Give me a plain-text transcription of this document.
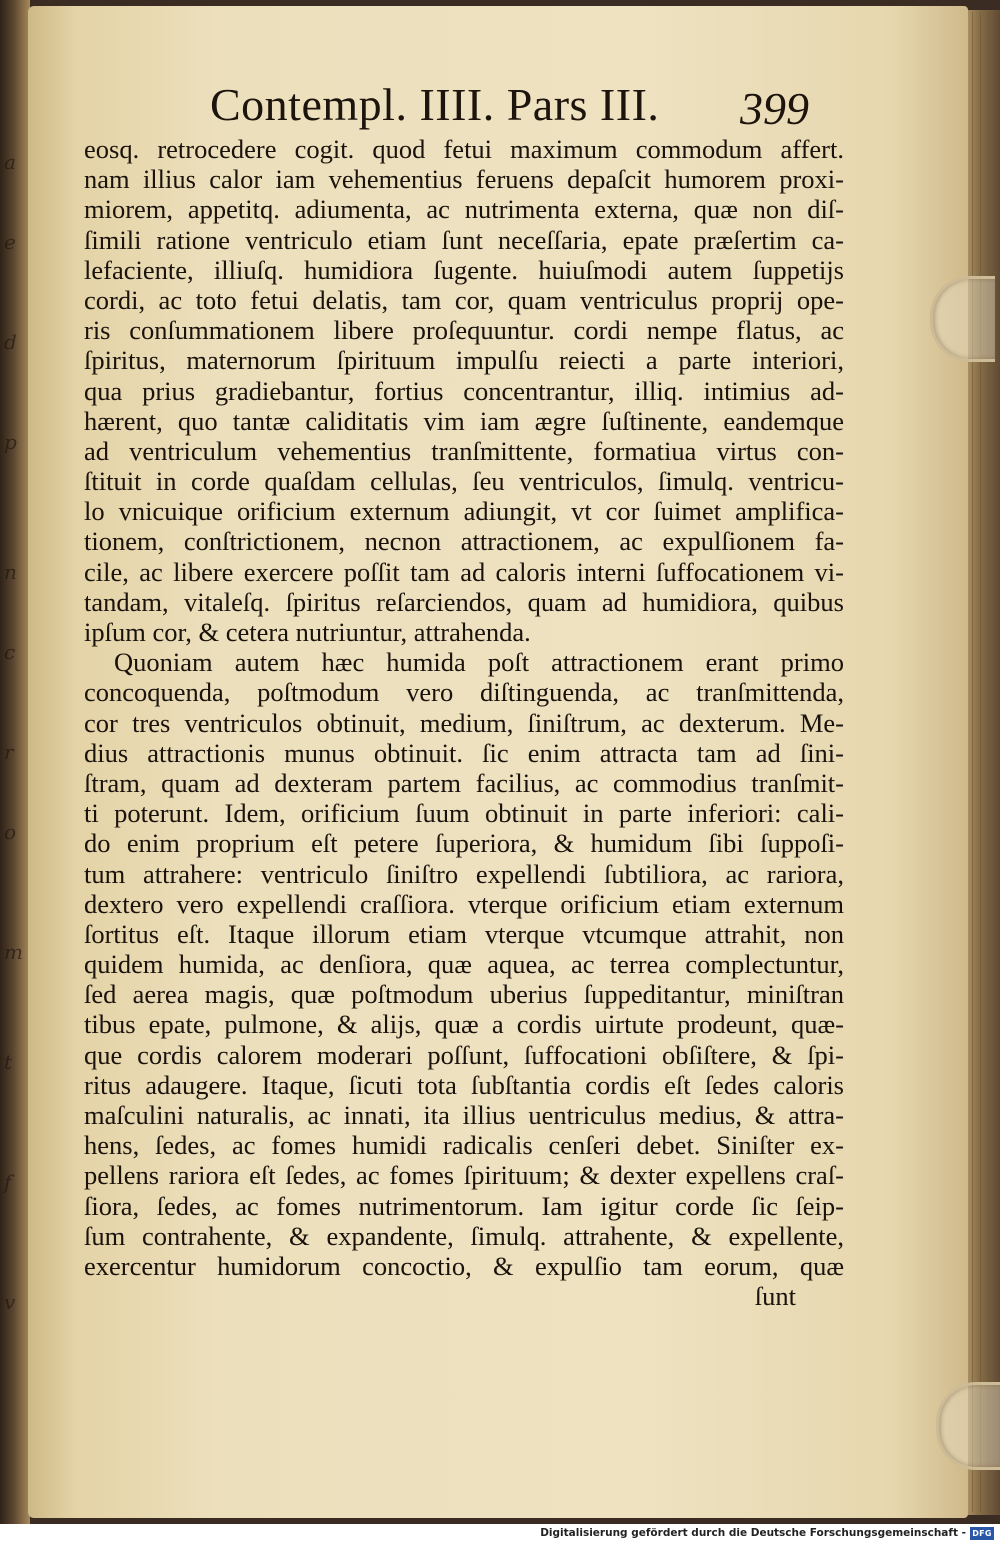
a
e
d
p
n
c
r
o
m
t
f
v
Contempl. IIII. Pars III. 399
eosq. retrocedere cogit. quod fetui maximum commodum affert.
nam illius calor iam vehementius feruens depaſcit humorem proxi-
miorem, appetitq. adiumenta, ac nutrimenta externa, quæ non diſ-
ſimili ratione ventriculo etiam ſunt neceſſaria, epate præſertim ca-
lefaciente, illiuſq. humidiora ſugente. huiuſmodi autem ſuppetijs
cordi, ac toto fetui delatis, tam cor, quam ventriculus proprij ope-
ris conſummationem libere proſequuntur. cordi nempe flatus, ac
ſpiritus, maternorum ſpirituum impulſu reiecti a parte interiori,
qua prius gradiebantur, fortius concentrantur, illiq. intimius ad-
hærent, quo tantæ caliditatis vim iam ægre ſuſtinente, eandemque
ad ventriculum vehementius tranſmittente, formatiua virtus con-
ſtituit in corde quaſdam cellulas, ſeu ventriculos, ſimulq. ventricu-
lo vnicuique orificium externum adiungit, vt cor ſuimet amplifica-
tionem, conſtrictionem, necnon attractionem, ac expulſionem fa-
cile, ac libere exercere poſſit tam ad caloris interni ſuffocationem vi-
tandam, vitaleſq. ſpiritus reſarciendos, quam ad humidiora, quibus
ipſum cor, & cetera nutriuntur, attrahenda.
Quoniam autem hæc humida poſt attractionem erant primo
concoquenda, poſtmodum vero diſtinguenda, ac tranſmittenda,
cor tres ventriculos obtinuit, medium, ſiniſtrum, ac dexterum. Me-
dius attractionis munus obtinuit. ſic enim attracta tam ad ſini-
ſtram, quam ad dexteram partem facilius, ac commodius tranſmit-
ti poterunt. Idem, orificium ſuum obtinuit in parte inferiori: cali-
do enim proprium eſt petere ſuperiora, & humidum ſibi ſuppoſi-
tum attrahere: ventriculo ſiniſtro expellendi ſubtiliora, ac rariora,
dextero vero expellendi craſſiora. vterque orificium etiam externum
ſortitus eſt. Itaque illorum etiam vterque vtcumque attrahit, non
quidem humida, ac denſiora, quæ aquea, ac terrea complectuntur,
ſed aerea magis, quæ poſtmodum uberius ſuppeditantur, miniſtran
tibus epate, pulmone, & alijs, quæ a cordis uirtute prodeunt, quæ-
que cordis calorem moderari poſſunt, ſuffocationi obſiſtere, & ſpi-
ritus adaugere. Itaque, ſicuti tota ſubſtantia cordis eſt ſedes caloris
maſculini naturalis, ac innati, ita illius uentriculus medius, & attra-
hens, ſedes, ac fomes humidi radicalis cenſeri debet. Siniſter ex-
pellens rariora eſt ſedes, ac fomes ſpirituum; & dexter expellens craſ-
ſiora, ſedes, ac fomes nutrimentorum. Iam igitur corde ſic ſeip-
ſum contrahente, & expandente, ſimulq. attrahente, & expellente,
exercentur humidorum concoctio, & expulſio tam eorum, quæ
ſunt
Digitalisierung gefördert durch die Deutsche Forschungsgemeinschaft - DFG
